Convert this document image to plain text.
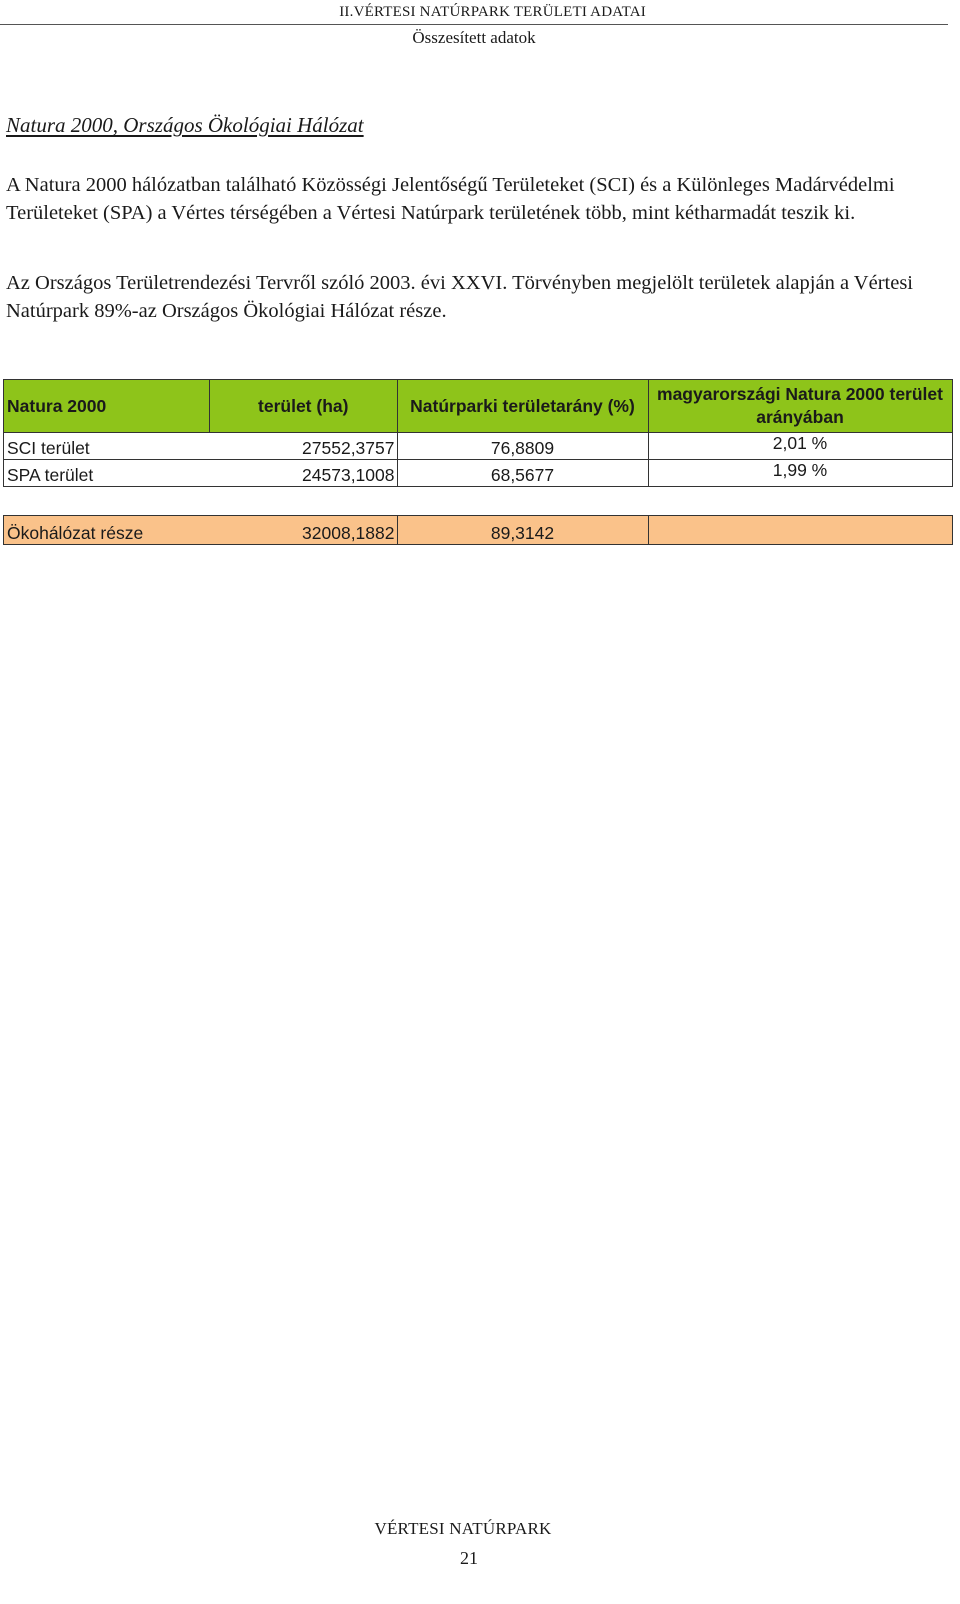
II.VÉRTESI NATÚRPARK TERÜLETI ADATAI
Összesített adatok
Natura 2000, Országos Ökológiai Hálózat

A Natura 2000 hálózatban található Közösségi Jelentőségű Területeket (SCI) és a Különleges Madárvédelmi Területeket (SPA) a Vértes térségében a Vértesi Natúrpark területének több, mint kétharmadát teszik ki.

Az Országos Területrendezési Tervről szóló 2003. évi XXVI. Törvényben megjelölt területek alapján a Vértesi Natúrpark 89%-az Országos Ökológiai Hálózat része.

Natura 2000	terület (ha)	Natúrparki területarány (%)	magyarországi Natura 2000 terület arányában
SCI terület	27552,3757	76,8809	2,01 %
SPA terület	24573,1008	68,5677	1,99 %

Ökohálózat része	32008,1882	89,3142	
VÉRTESI NATÚRPARK
21
